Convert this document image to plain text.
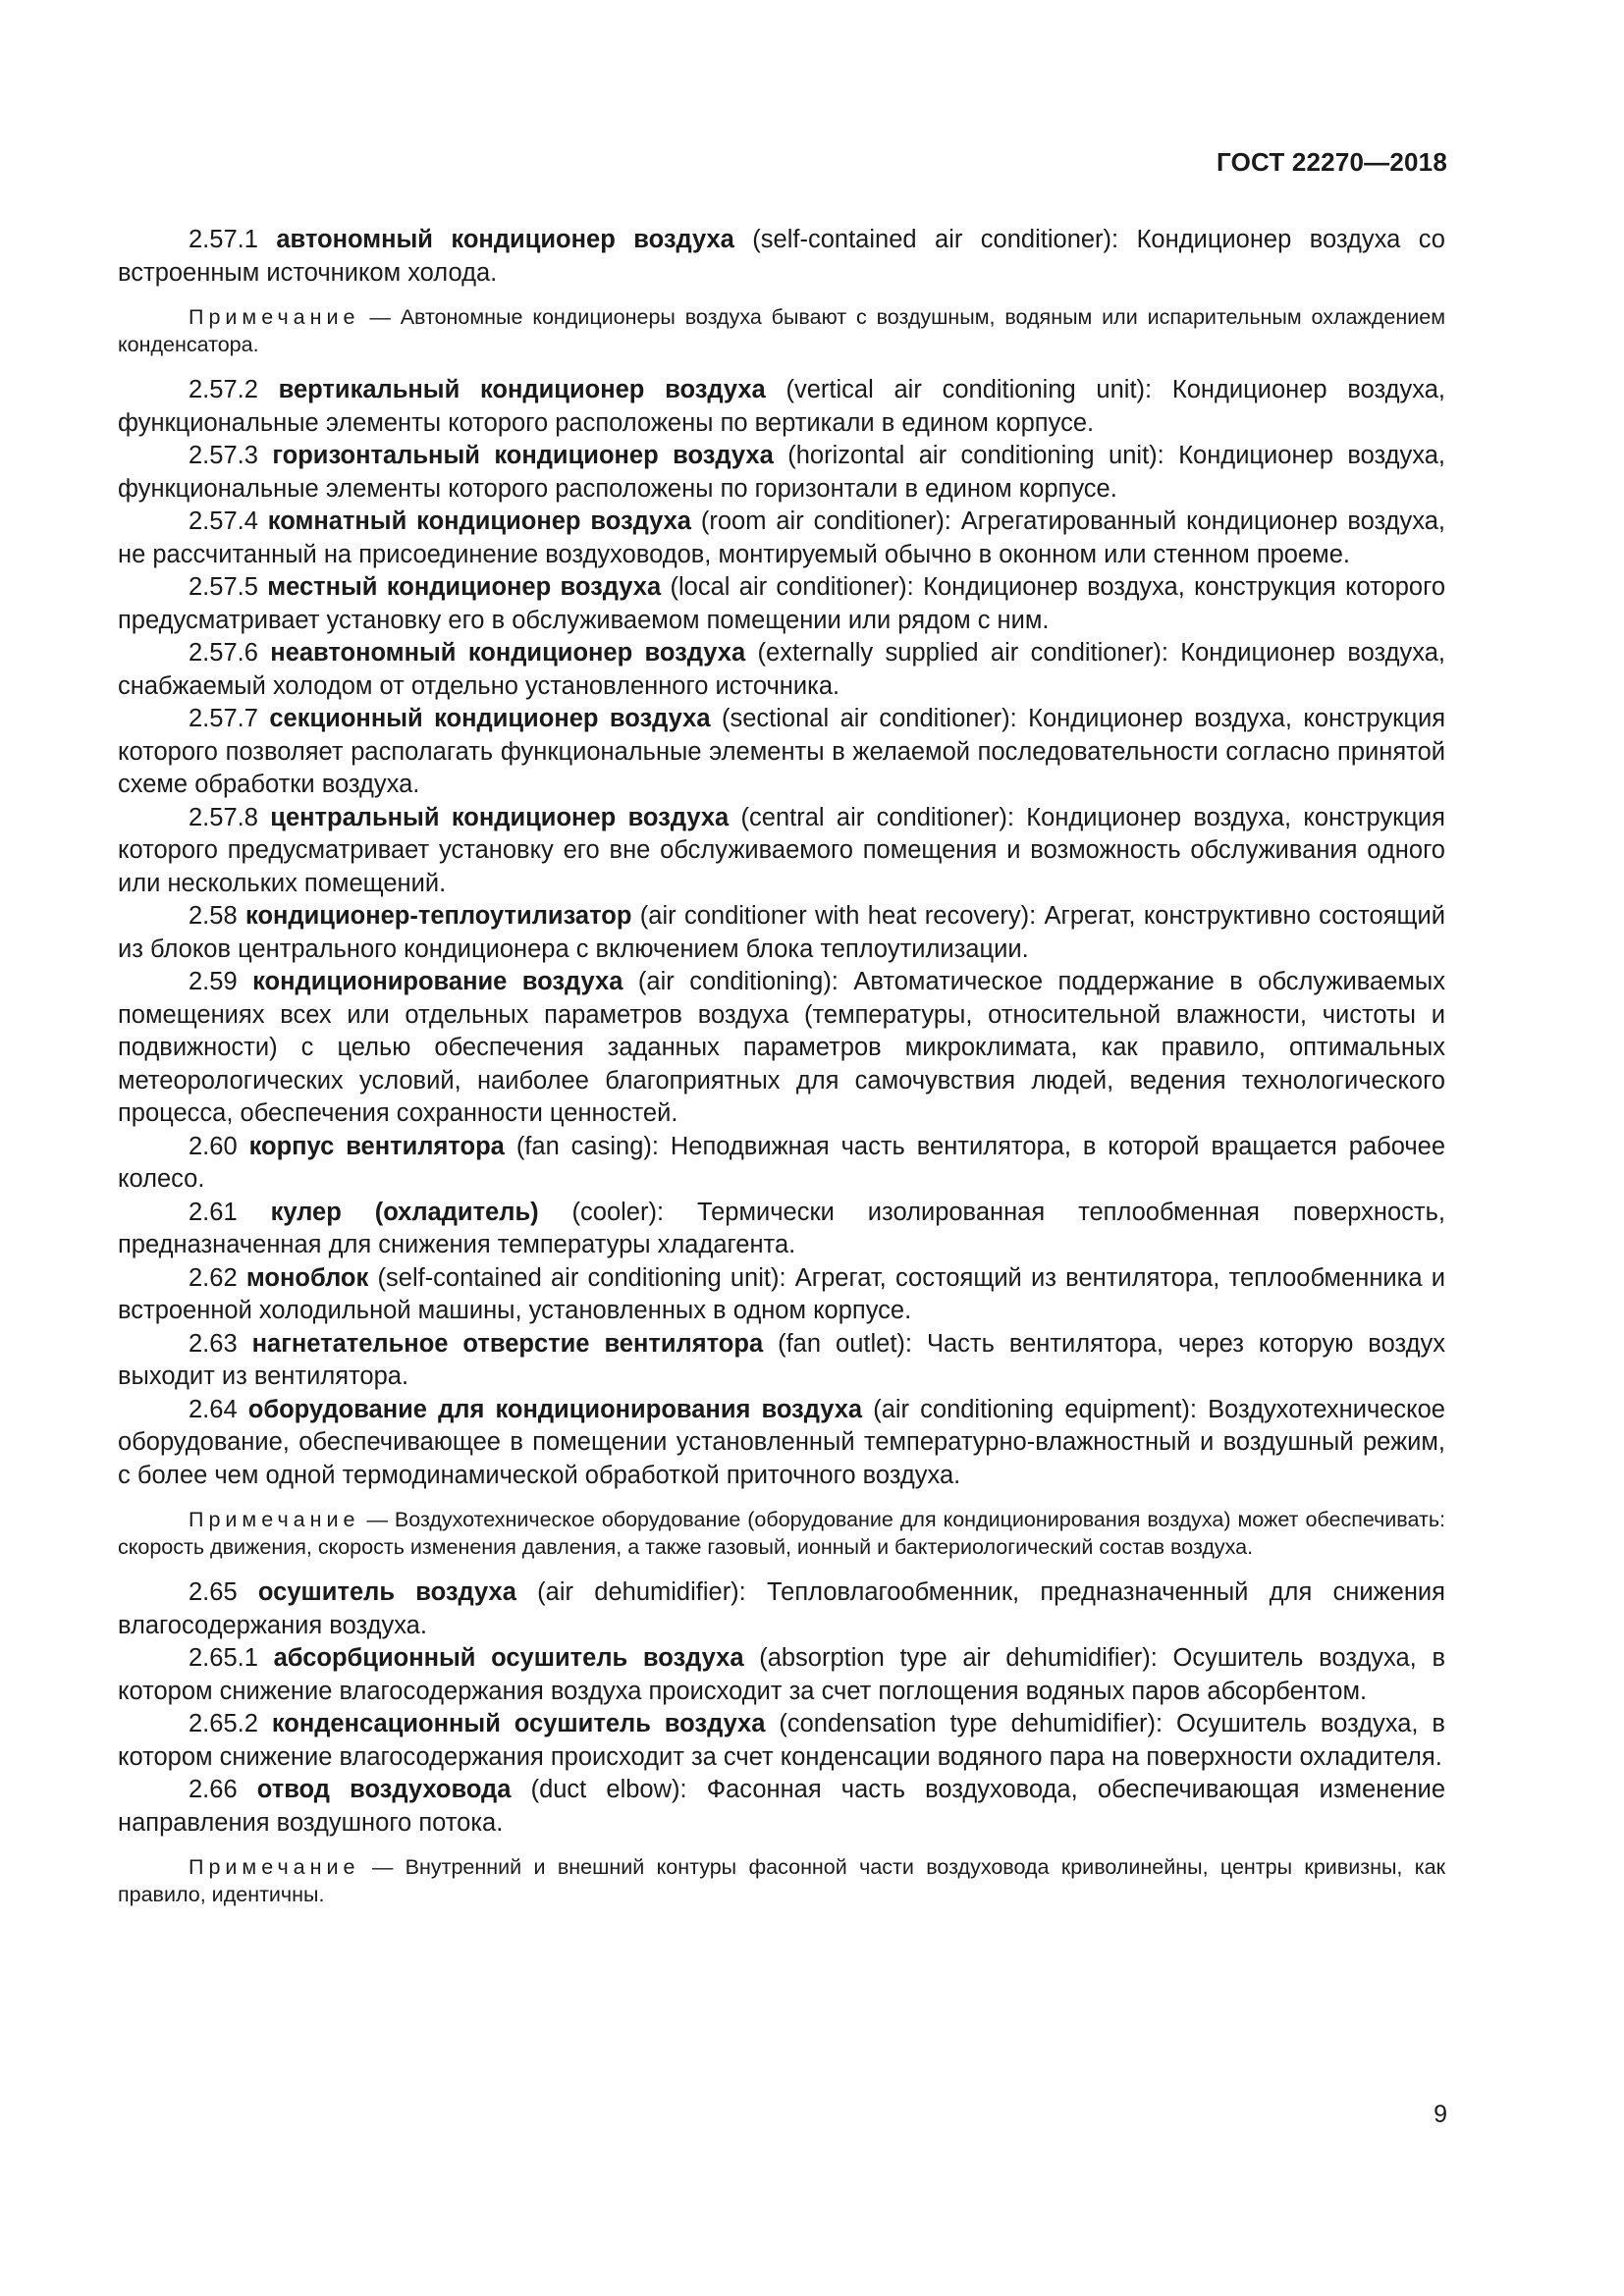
ГОСТ 22270—2018

2.57.1 автономный кондиционер воздуха (self-contained air conditioner): Кондиционер воздуха со встроенным источником холода.

Примечание — Автономные кондиционеры воздуха бывают с воздушным, водяным или испарительным охлаждением конденсатора.

2.57.2 вертикальный кондиционер воздуха (vertical air conditioning unit): Кондиционер воздуха, функциональные элементы которого расположены по вертикали в едином корпусе.

2.57.3 горизонтальный кондиционер воздуха (horizontal air conditioning unit): Кондиционер воздуха, функциональные элементы которого расположены по горизонтали в едином корпусе.

2.57.4 комнатный кондиционер воздуха (room air conditioner): Агрегатированный кондиционер воздуха, не рассчитанный на присоединение воздуховодов, монтируемый обычно в оконном или стенном проеме.

2.57.5 местный кондиционер воздуха (local air conditioner): Кондиционер воздуха, конструкция которого предусматривает установку его в обслуживаемом помещении или рядом с ним.

2.57.6 неавтономный кондиционер воздуха (externally supplied air conditioner): Кондиционер воздуха, снабжаемый холодом от отдельно установленного источника.

2.57.7 секционный кондиционер воздуха (sectional air conditioner): Кондиционер воздуха, конструкция которого позволяет располагать функциональные элементы в желаемой последовательности согласно принятой схеме обработки воздуха.

2.57.8 центральный кондиционер воздуха (central air conditioner): Кондиционер воздуха, конструкция которого предусматривает установку его вне обслуживаемого помещения и возможность обслуживания одного или нескольких помещений.

2.58 кондиционер-теплоутилизатор (air conditioner with heat recovery): Агрегат, конструктивно состоящий из блоков центрального кондиционера с включением блока теплоутилизации.

2.59 кондиционирование воздуха (air conditioning): Автоматическое поддержание в обслуживаемых помещениях всех или отдельных параметров воздуха (температуры, относительной влажности, чистоты и подвижности) с целью обеспечения заданных параметров микроклимата, как правило, оптимальных метеорологических условий, наиболее благоприятных для самочувствия людей, ведения технологического процесса, обеспечения сохранности ценностей.

2.60 корпус вентилятора (fan casing): Неподвижная часть вентилятора, в которой вращается рабочее колесо.

2.61 кулер (охладитель) (cooler): Термически изолированная теплообменная поверхность, предназначенная для снижения температуры хладагента.

2.62 моноблок (self-contained air conditioning unit): Агрегат, состоящий из вентилятора, теплообменника и встроенной холодильной машины, установленных в одном корпусе.

2.63 нагнетательное отверстие вентилятора (fan outlet): Часть вентилятора, через которую воздух выходит из вентилятора.

2.64 оборудование для кондиционирования воздуха (air conditioning equipment): Воздухотехническое оборудование, обеспечивающее в помещении установленный температурно-влажностный и воздушный режим, с более чем одной термодинамической обработкой приточного воздуха.

Примечание — Воздухотехническое оборудование (оборудование для кондиционирования воздуха) может обеспечивать: скорость движения, скорость изменения давления, а также газовый, ионный и бактериологический состав воздуха.

2.65 осушитель воздуха (air dehumidifier): Тепловлагообменник, предназначенный для снижения влагосодержания воздуха.

2.65.1 абсорбционный осушитель воздуха (absorption type air dehumidifier): Осушитель воздуха, в котором снижение влагосодержания воздуха происходит за счет поглощения водяных паров абсорбентом.

2.65.2 конденсационный осушитель воздуха (condensation type dehumidifier): Осушитель воздуха, в котором снижение влагосодержания происходит за счет конденсации водяного пара на поверхности охладителя.

2.66 отвод воздуховода (duct elbow): Фасонная часть воздуховода, обеспечивающая изменение направления воздушного потока.

Примечание — Внутренний и внешний контуры фасонной части воздуховода криволинейны, центры кривизны, как правило, идентичны.

9
